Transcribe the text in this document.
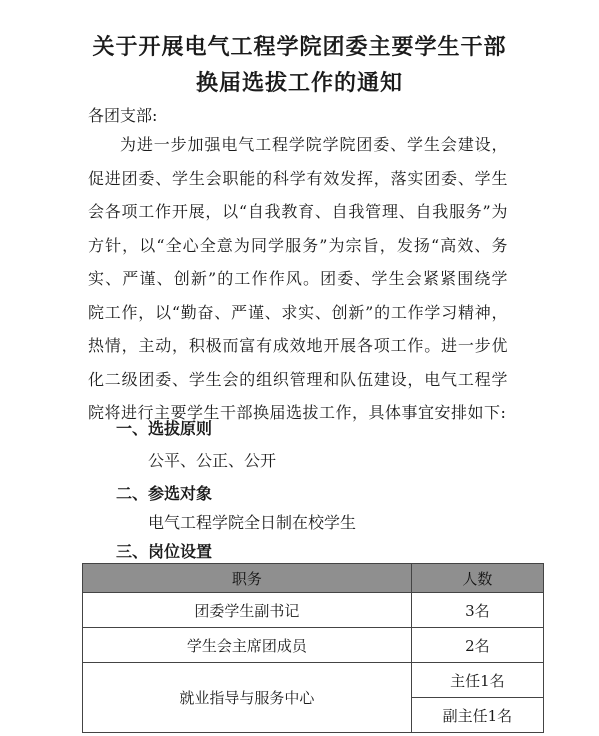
关于开展电气工程学院团委主要学生干部
换届选拔工作的通知
各团支部:
为进一步加强电气工程学院学院团委、学生会建设，促进团委、学生会职能的科学有效发挥，落实团委、学生会各项工作开展，以“自我教育、自我管理、自我服务”为方针，以“全心全意为同学服务”为宗旨，发扬“高效、务实、严谨、创新”的工作作风。团委、学生会紧紧围绕学院工作，以“勤奋、严谨、求实、创新”的工作学习精神，热情，主动，积极而富有成效地开展各项工作。进一步优化二级团委、学生会的组织管理和队伍建设，电气工程学院将进行主要学生干部换届选拔工作，具体事宜安排如下:
一、选拔原则
公平、公正、公开
二、参选对象
电气工程学院全日制在校学生
三、岗位设置
职务	人数
团委学生副书记	3名
学生会主席团成员	2名
就业指导与服务中心	主任1名
	副主任1名
